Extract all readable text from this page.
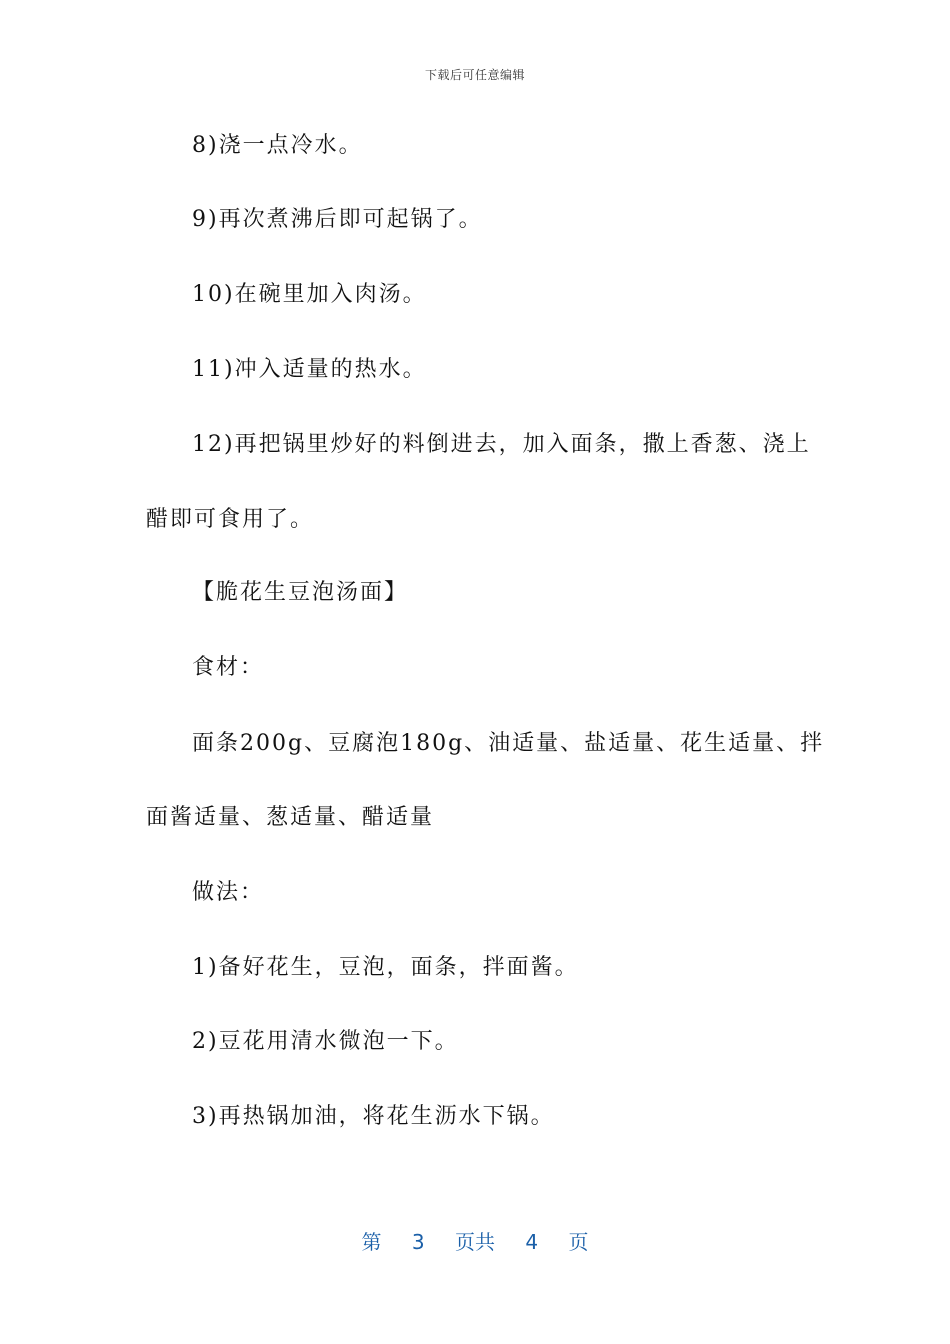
下载后可任意编辑
8)浇一点冷水。
9)再次煮沸后即可起锅了。
10)在碗里加入肉汤。
11)冲入适量的热水。
12)再把锅里炒好的料倒进去，加入面条，撒上香葱、浇上
醋即可食用了。
【脆花生豆泡汤面】
食材：
面条200g、豆腐泡180g、油适量、盐适量、花生适量、拌
面酱适量、葱适量、醋适量
做法：
1)备好花生，豆泡，面条，拌面酱。
2)豆花用清水微泡一下。
3)再热锅加油，将花生沥水下锅。
第 3 页共 4 页
